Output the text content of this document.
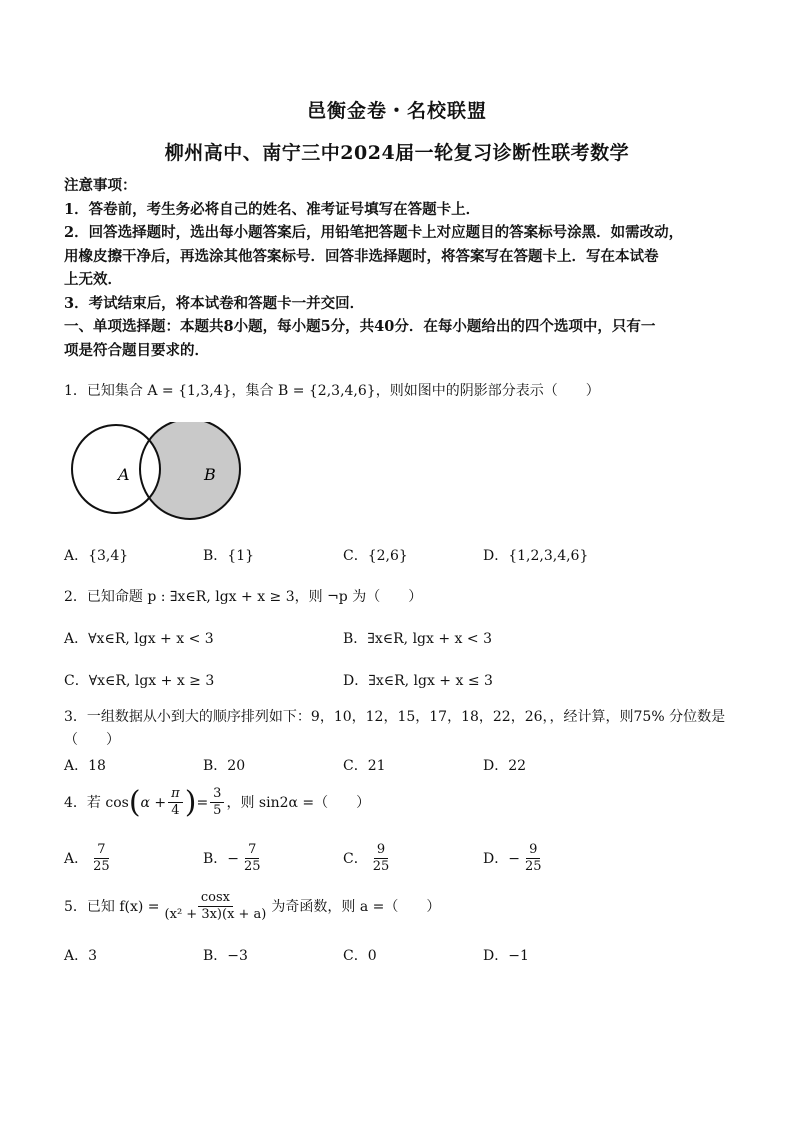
邑衡金卷・名校联盟
柳州高中、南宁三中2024届一轮复习诊断性联考数学

注意事项：

1．答卷前，考生务必将自己的姓名、准考证号填写在答题卡上．

2．回答选择题时，选出每小题答案后，用铅笔把答题卡上对应题目的答案标号涂黑．如需改动，

用橡皮擦干净后，再选涂其他答案标号．回答非选择题时，将答案写在答题卡上．写在本试卷

上无效．

3．考试结束后，将本试卷和答题卡一并交回．

一、单项选择题：本题共8小题，每小题5分，共40分．在每小题给出的四个选项中，只有一

项是符合题目要求的．

1．已知集合 A = {1,3,4}，集合 B = {2,3,4,6}，则如图中的阴影部分表示（　　）
A	B
A．{3,4}	B．{1}	C．{2,6}	D．{1,2,3,4,6}
2．已知命题 p : ∃x∈R, lgx + x ≥ 3，则 ¬p 为（　　）
A．∀x∈R, lgx + x < 3	B．∃x∈R, lgx + x < 3
C．∀x∈R, lgx + x ≥ 3	D．∃x∈R, lgx + x ≤ 3
3．一组数据从小到大的顺序排列如下：9，10，12，15，17，18，22，26，，经计算，则75% 分位数是
（　　）
A．18	B．20	C．21	D．22
4．若 cos ( $\alpha + \frac{\pi}{4}$ ) = $\frac{3}{5}$ ，则 sin2α =（　　）
A． $\frac{7}{25}$	B． − $\frac{7}{25}$	C． $\frac{9}{25}$	D． − $\frac{9}{25}$
5．已知 $f(x) = \frac{\cos x}{\text{(x² + 3x)(x + a)}}$ 为奇函数，则 a =（　　）
A．3	B．−3	C．0	D．−1
